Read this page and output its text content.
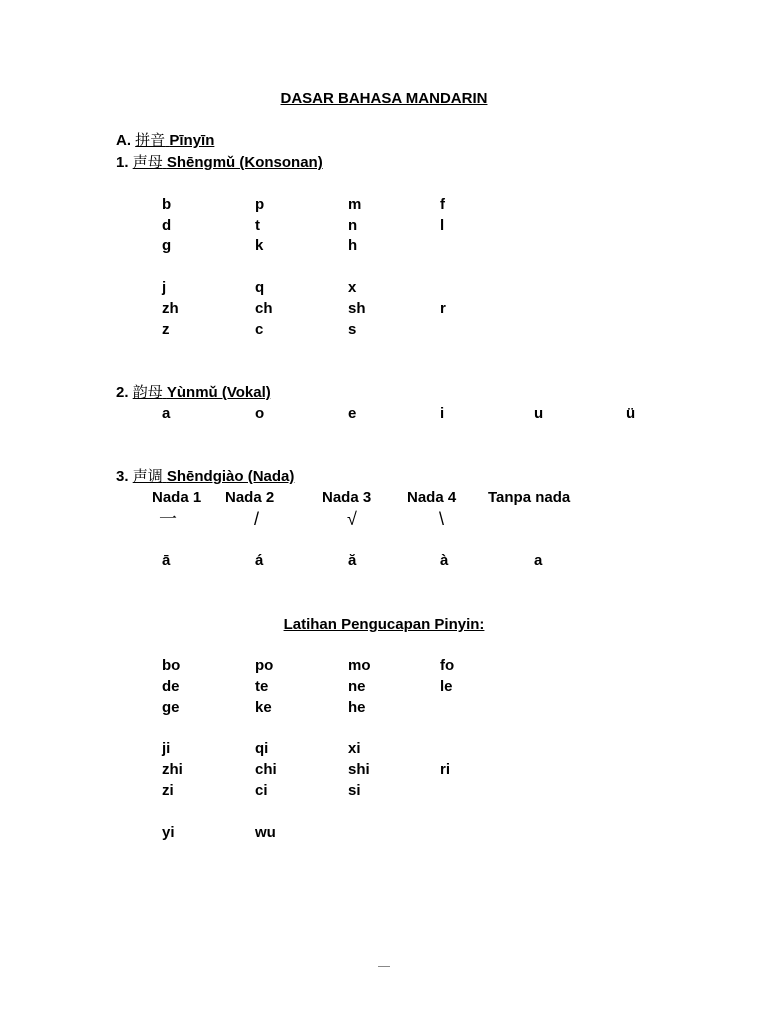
DASAR BAHASA MANDARIN
A. 拼音 Pīnyīn
1. 声母 Shēngmǔ (Konsonan)
b	p	m	f
d	t	n	l
g	k	h
j	q	x
zh	ch	sh	r
z	c	s
2. 韵母 Yùnmǔ (Vokal)
a	o	e	i	u	ü
3. 声调 Shēndgiào (Nada)
Nada 1 Nada 2	Nada 3 Nada 4 Tanpa nada
一	/	√	\
ā	á	ă	à	a
Latihan Pengucapan Pinyin:
bo	po	mo	fo
de	te	ne	le
ge	ke	he
ji	qi	xi
zhi	chi	shi	ri
zi	ci	si
yi	wu
